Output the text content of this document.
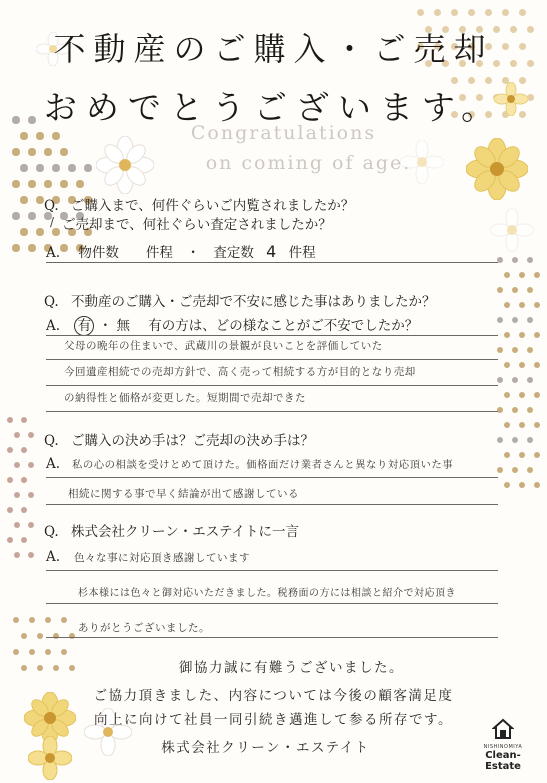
不動産のご購入・ご売却
おめでとうございます。
Congratulations
on coming of age.
Q. ご購入まで、何件ぐらいご内覧されましたか？
/ ご売却まで、何社ぐらい査定されましたか？
A. 物件数　　件程　・　査定数 4 件程
Q. 不動産のご購入・ご売却で不安に感じた事はありましたか？
A. 有 ・ 無 有の方は、どの様なことがご不安でしたか？
父母の晩年の住まいで、武蔵川の景観が良いことを評価していた
今回遺産相続での売却方針で、高く売って相続する方が目的となり売却
の納得性と価格が変更した。短期間で売却できた
Q. ご購入の決め手は？ご売却の決め手は？
A. 私の心の相談を受けとめて頂けた。価格面だけ業者さんと異なり対応頂いた事
相続に関する事で早く結論が出て感謝している
Q. 株式会社クリーン・エステイトに一言
A. 色々な事に対応頂き感謝しています
杉本様には色々と御対応いただきました。税務面の方には相談と紹介で対応頂き
ありがとうございました。
御協力誠に有難うございました。
ご協力頂きました、内容については今後の顧客満足度
向上に向けて社員一同引続き邁進して参る所存です。
株式会社クリーン・エステイト	NISHINOMIYA
Clean-Estate
